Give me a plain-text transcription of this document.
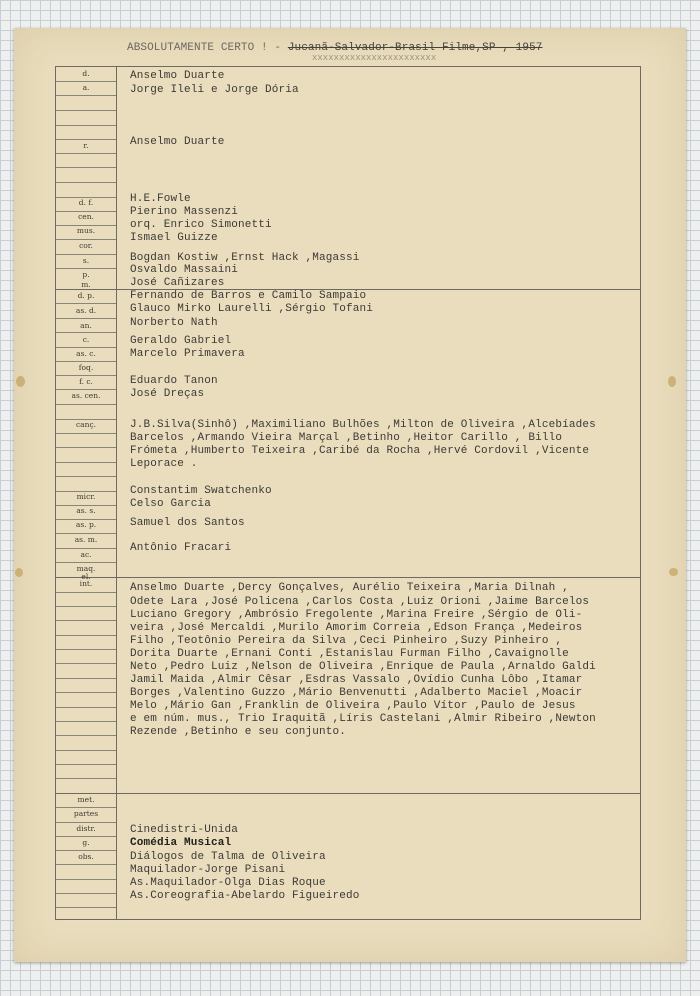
ABSOLUTAMENTE CERTO ! - Jucanã-Salvador-Brasil Filme,SP , 1957
xxxxxxxxxxxxxxxxxxxxxxx
d.
a.
r.
d. f.
cen.
mus.
cor.
s.
p.
m.
d. p.
as. d.
an.
c.
as. c.
foq.
f. c.
as. cen.
canç.
micr.
as. s.
as. p.
as. m.
ac.
maq.
el.
int.
met.
partes
distr.
g.
obs.
Anselmo Duarte
Jorge Ileli e Jorge Dória
Anselmo Duarte
H.E.Fowle
Pierino Massenzi
orq. Enrico Simonetti
Ismael Guizze
Bogdan Kostiw ,Ernst Hack ,Magassi
Osvaldo Massaini
José Cañizares
Fernando de Barros e Camilo Sampaio
Glauco Mirko Laurelli ,Sérgio Tofani
Norberto Nath
Geraldo Gabriel
Marcelo Primavera
Eduardo Tanon
José Dreças
J.B.Silva(Sinhô) ,Maximiliano Bulhões ,Milton de Oliveira ,Alcebíades
Barcelos ,Armando Vieira Marçal ,Betinho ,Heitor Carillo , Billo
Frómeta ,Humberto Teixeira ,Caribé da Rocha ,Hervé Cordovil ,Vicente
Leporace .
Constantim Swatchenko
Celso Garcia
Samuel dos Santos
Antônio Fracari
Anselmo Duarte ,Dercy Gonçalves, Aurélio Teixeira ,Maria Dilnah ,
Odete Lara ,José Policena ,Carlos Costa ,Luiz Orioni ,Jaime Barcelos
Luciano Gregory ,Ambrósio Fregolente ,Marina Freire ,Sérgio de Oli-
veira ,José Mercaldi ,Murilo Amorim Correia ,Edson França ,Medeiros
Filho ,Teotônio Pereira da Silva ,Ceci Pinheiro ,Suzy Pinheiro ,
Dorita Duarte ,Ernani Conti ,Estanislau Furman Filho ,Cavaignolle
Neto ,Pedro Luiz ,Nelson de Oliveira ,Enrique de Paula ,Arnaldo Galdi
Jamil Maida ,Almir Cêsar ,Esdras Vassalo ,Ovídio Cunha Lôbo ,Itamar
Borges ,Valentino Guzzo ,Mário Benvenutti ,Adalberto Maciel ,Moacir
Melo ,Mário Gan ,Franklin de Oliveira ,Paulo Vítor ,Paulo de Jesus
e em núm. mus., Trio Iraquitã ,Líris Castelani ,Almir Ribeiro ,Newton
Rezende ,Betinho e seu conjunto.
Cinedistri-Unida
Comédia Musical
Diálogos de Talma de Oliveira
Maquilador-Jorge Pisani
As.Maquilador-Olga Dias Roque
As.Coreografia-Abelardo Figueiredo
